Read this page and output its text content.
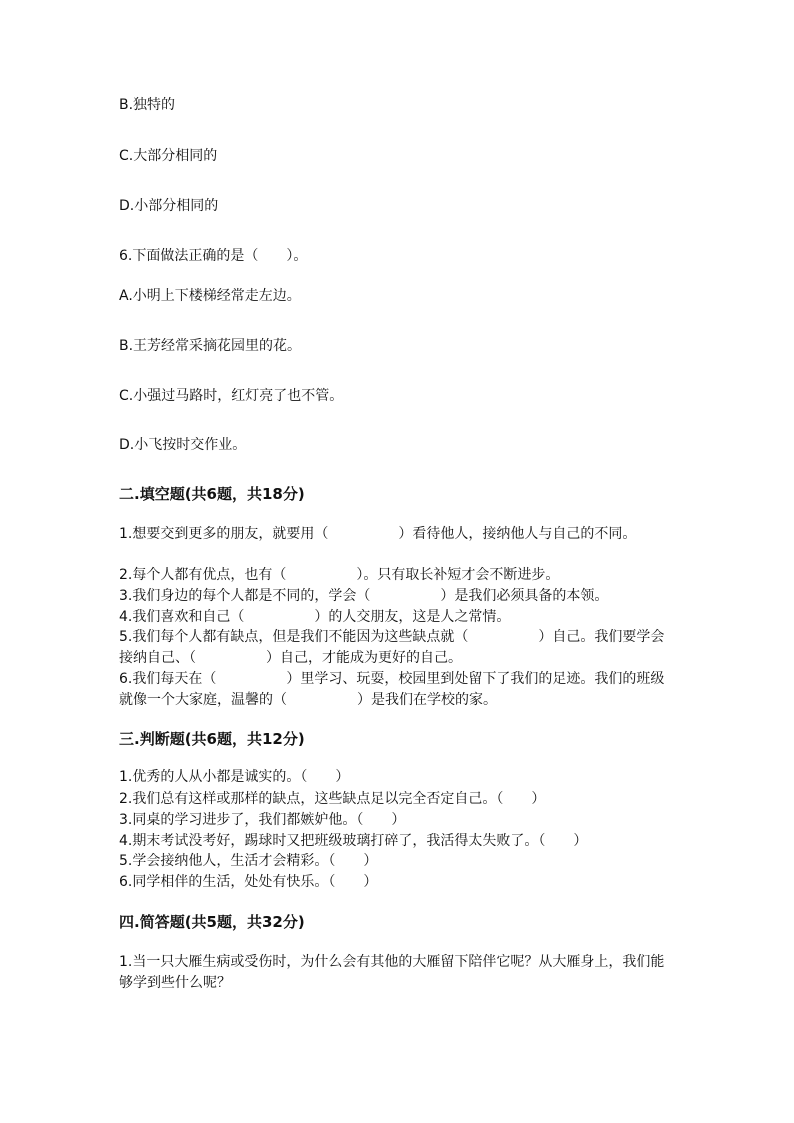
B.独特的
C.大部分相同的
D.小部分相同的
6.下面做法正确的是（　　）。
A.小明上下楼梯经常走左边。
B.王芳经常采摘花园里的花。
C.小强过马路时，红灯亮了也不管。
D.小飞按时交作业。
二.填空题(共6题，共18分)
1.想要交到更多的朋友，就要用（　　　　　）看待他人，接纳他人与自己的不同。
2.每个人都有优点，也有（　　　　　）。只有取长补短才会不断进步。
3.我们身边的每个人都是不同的，学会（　　　　　）是我们必须具备的本领。
4.我们喜欢和自己（　　　　　）的人交朋友，这是人之常情。
5.我们每个人都有缺点，但是我们不能因为这些缺点就（　　　　　）自己。我们要学会接纳自己、（　　　　　）自己，才能成为更好的自己。
6.我们每天在（　　　　　）里学习、玩耍，校园里到处留下了我们的足迹。我们的班级就像一个大家庭，温馨的（　　　　　）是我们在学校的家。
三.判断题(共6题，共12分)
1.优秀的人从小都是诚实的。（　　）
2.我们总有这样或那样的缺点，这些缺点足以完全否定自己。（　　）
3.同桌的学习进步了，我们都嫉妒他。（　　）
4.期末考试没考好，踢球时又把班级玻璃打碎了，我活得太失败了。（　　）
5.学会接纳他人，生活才会精彩。（　　）
6.同学相伴的生活，处处有快乐。（　　）
四.简答题(共5题，共32分)
1.当一只大雁生病或受伤时，为什么会有其他的大雁留下陪伴它呢？从大雁身上，我们能够学到些什么呢？
